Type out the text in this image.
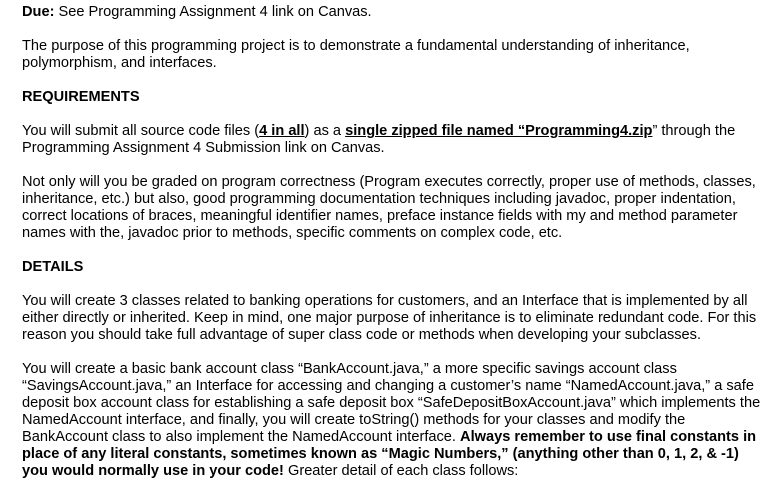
Due: See Programming Assignment 4 link on Canvas.

The purpose of this programming project is to demonstrate a fundamental understanding of inheritance, polymorphism, and interfaces.

REQUIREMENTS

You will submit all source code files (4 in all) as a single zipped file named “Programming4.zip” through the Programming Assignment 4 Submission link on Canvas.

Not only will you be graded on program correctness (Program executes correctly, proper use of methods, classes, inheritance, etc.) but also, good programming documentation techniques including javadoc, proper indentation, correct locations of braces, meaningful identifier names, preface instance fields with my and method parameter names with the, javadoc prior to methods, specific comments on complex code, etc.

DETAILS

You will create 3 classes related to banking operations for customers, and an Interface that is implemented by all either directly or inherited. Keep in mind, one major purpose of inheritance is to eliminate redundant code. For this reason you should take full advantage of super class code or methods when developing your subclasses.

You will create a basic bank account class “BankAccount.java,” a more specific savings account class “SavingsAccount.java,” an Interface for accessing and changing a customer’s name “NamedAccount.java,” a safe deposit box account class for establishing a safe deposit box “SafeDepositBoxAccount.java” which implements the NamedAccount interface, and finally, you will create toString() methods for your classes and modify the BankAccount class to also implement the NamedAccount interface. Always remember to use final constants in place of any literal constants, sometimes known as “Magic Numbers,” (anything other than 0, 1, 2, & -1) you would normally use in your code! Greater detail of each class follows:
